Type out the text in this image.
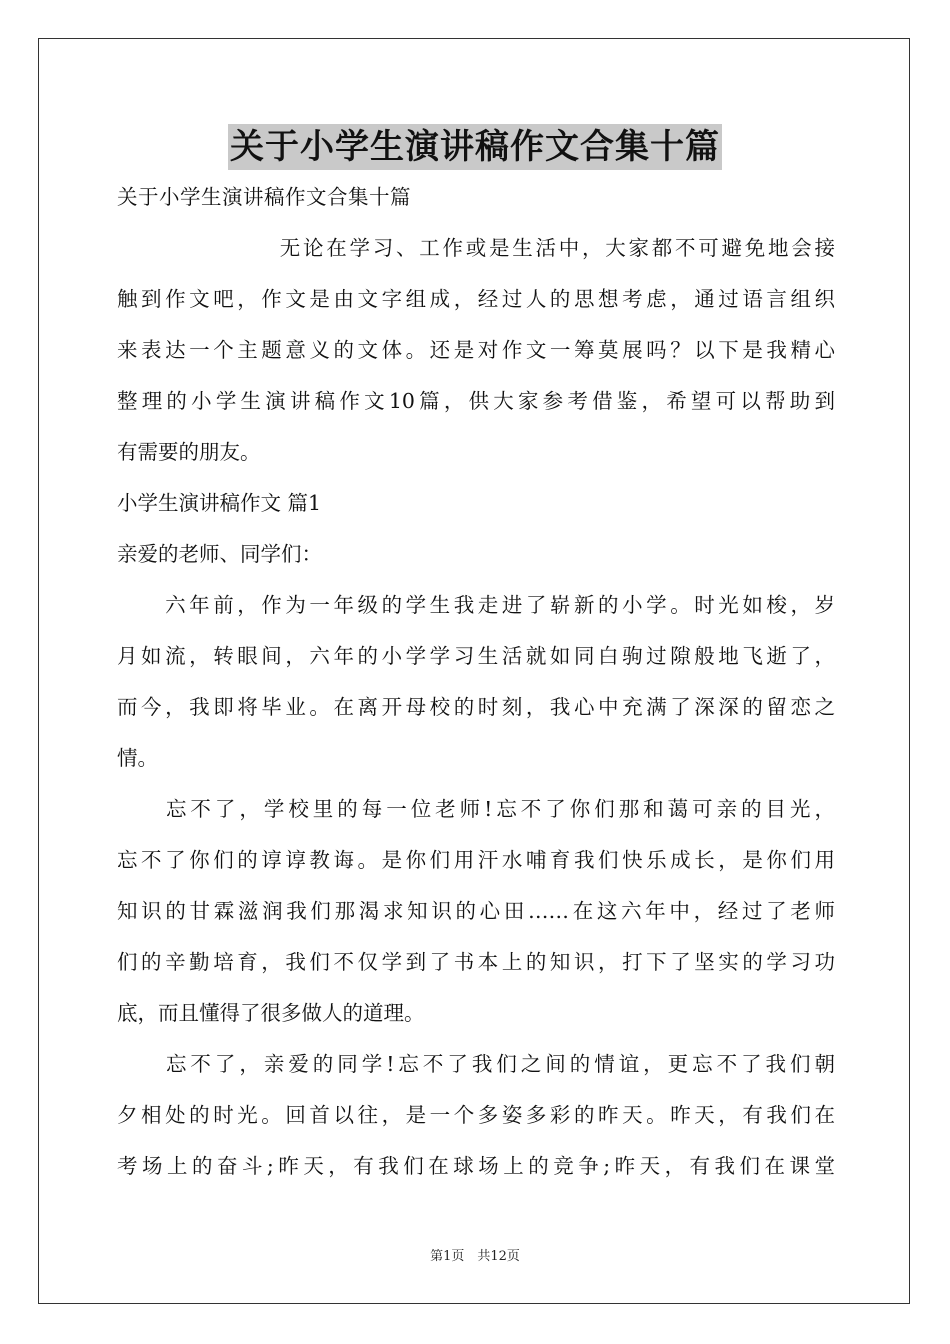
关于小学生演讲稿作文合集十篇
关于小学生演讲稿作文合集十篇
　　　　　　　无论在学习、工作或是生活中，大家都不可避免地会接
触到作文吧，作文是由文字组成，经过人的思想考虑，通过语言组织
来表达一个主题意义的文体。还是对作文一筹莫展吗？以下是我精心
整理的小学生演讲稿作文10篇，供大家参考借鉴，希望可以帮助到
有需要的朋友。
小学生演讲稿作文 篇1
亲爱的老师、同学们：
　　六年前，作为一年级的学生我走进了崭新的小学。时光如梭，岁
月如流，转眼间，六年的小学学习生活就如同白驹过隙般地飞逝了，
而今，我即将毕业。在离开母校的时刻，我心中充满了深深的留恋之
情。
　　忘不了，学校里的每一位老师!忘不了你们那和蔼可亲的目光，
忘不了你们的谆谆教诲。是你们用汗水哺育我们快乐成长，是你们用
知识的甘霖滋润我们那渴求知识的心田……在这六年中，经过了老师
们的辛勤培育，我们不仅学到了书本上的知识，打下了坚实的学习功
底，而且懂得了很多做人的道理。
　　忘不了，亲爱的同学!忘不了我们之间的情谊，更忘不了我们朝
夕相处的时光。回首以往，是一个多姿多彩的昨天。昨天，有我们在
考场上的奋斗;昨天，有我们在球场上的竞争;昨天，有我们在课堂
第1页　共12页
